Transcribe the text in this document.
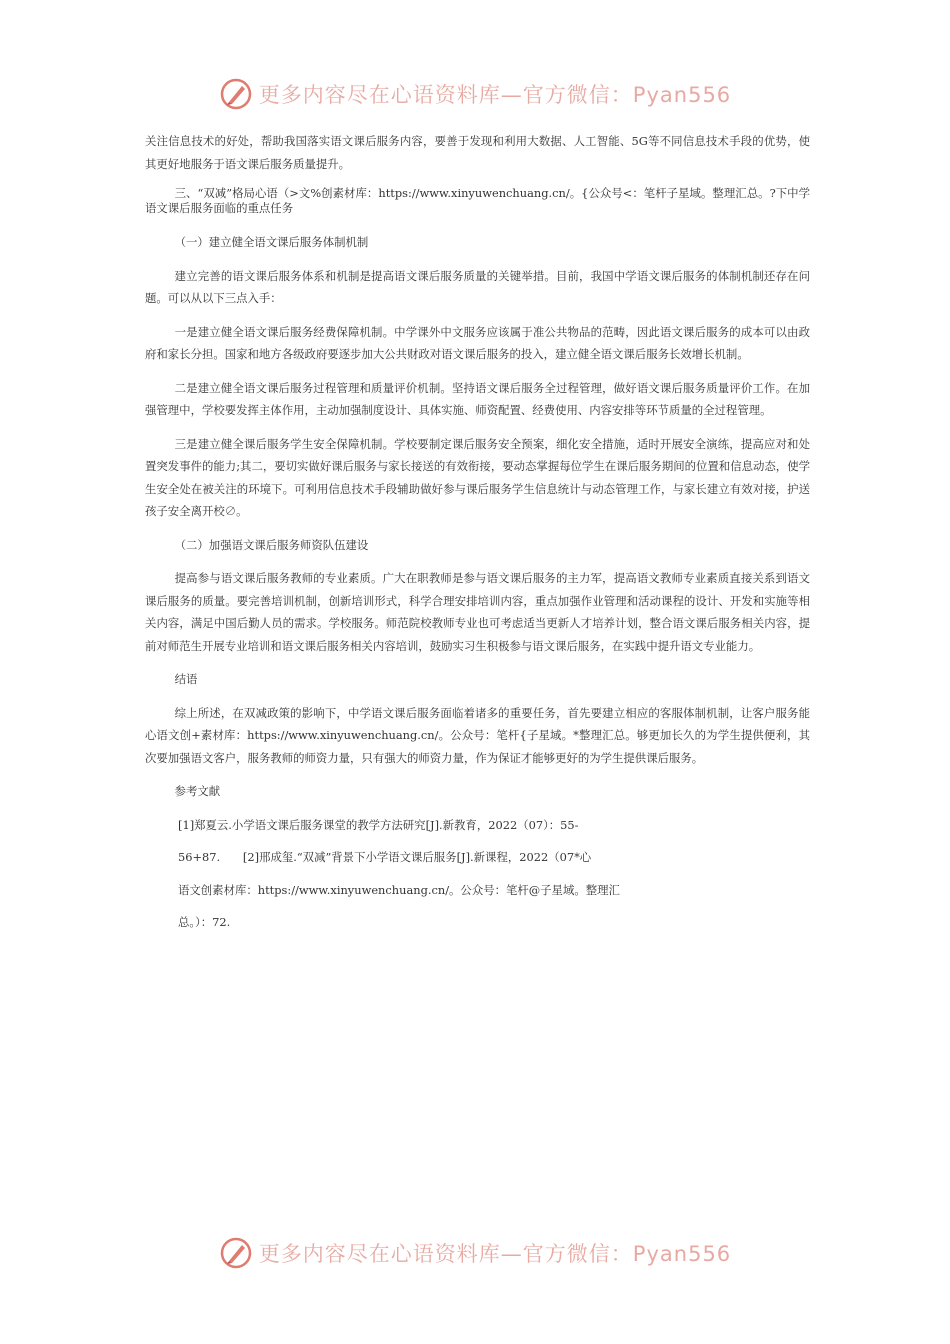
更多内容尽在心语资料库—官方微信：Pyan556

关注信息技术的好处，帮助我国落实语文课后服务内容，要善于发现和利用大数据、人工智能、5G等不同信息技术手段的优势，使其更好地服务于语文课后服务质量提升。

三、“双减”格局心语（>文%创素材库：https://www.xinyuwenchuang.cn/。{公众号<：笔杆子星域。整理汇总。?下中学语文课后服务面临的重点任务

（一）建立健全语文课后服务体制机制

建立完善的语文课后服务体系和机制是提高语文课后服务质量的关键举措。目前，我国中学语文课后服务的体制机制还存在问题。可以从以下三点入手：

一是建立健全语文课后服务经费保障机制。中学课外中文服务应该属于准公共物品的范畴，因此语文课后服务的成本可以由政府和家长分担。国家和地方各级政府要逐步加大公共财政对语文课后服务的投入，建立健全语文课后服务长效增长机制。

二是建立健全语文课后服务过程管理和质量评价机制。坚持语文课后服务全过程管理，做好语文课后服务质量评价工作。在加强管理中，学校要发挥主体作用，主动加强制度设计、具体实施、师资配置、经费使用、内容安排等环节质量的全过程管理。

三是建立健全课后服务学生安全保障机制。学校要制定课后服务安全预案，细化安全措施，适时开展安全演练，提高应对和处置突发事件的能力;其二，要切实做好课后服务与家长接送的有效衔接，要动态掌握每位学生在课后服务期间的位置和信息动态，使学生安全处在被关注的环境下。可利用信息技术手段辅助做好参与课后服务学生信息统计与动态管理工作，与家长建立有效对接，护送孩子安全离开校∅。

（二）加强语文课后服务师资队伍建设

提高参与语文课后服务教师的专业素质。广大在职教师是参与语文课后服务的主力军，提高语文教师专业素质直接关系到语文课后服务的质量。要完善培训机制，创新培训形式，科学合理安排培训内容，重点加强作业管理和活动课程的设计、开发和实施等相关内容，满足中国后勤人员的需求。学校服务。师范院校教师专业也可考虑适当更新人才培养计划，整合语文课后服务相关内容，提前对师范生开展专业培训和语文课后服务相关内容培训，鼓励实习生积极参与语文课后服务，在实践中提升语文专业能力。

结语

综上所述，在双减政策的影响下，中学语文课后服务面临着诸多的重要任务，首先要建立相应的客服体制机制，让客户服务能心语文创+素材库：https://www.xinyuwenchuang.cn/。公众号：笔杆{子星域。*整理汇总。够更加长久的为学生提供便利，其次要加强语文客户，服务教师的师资力量，只有强大的师资力量，作为保证才能够更好的为学生提供课后服务。

参考文献

[1]郑夏云.小学语文课后服务课堂的教学方法研究[J].新教育，2022（07）：55-

56+87.　　[2]邢成玺.“双减”背景下小学语文课后服务[J].新课程，2022（07*心

语文创素材库：https://www.xinyuwenchuang.cn/。公众号：笔杆@子星域。整理汇

总。）：72.

更多内容尽在心语资料库—官方微信：Pyan556
